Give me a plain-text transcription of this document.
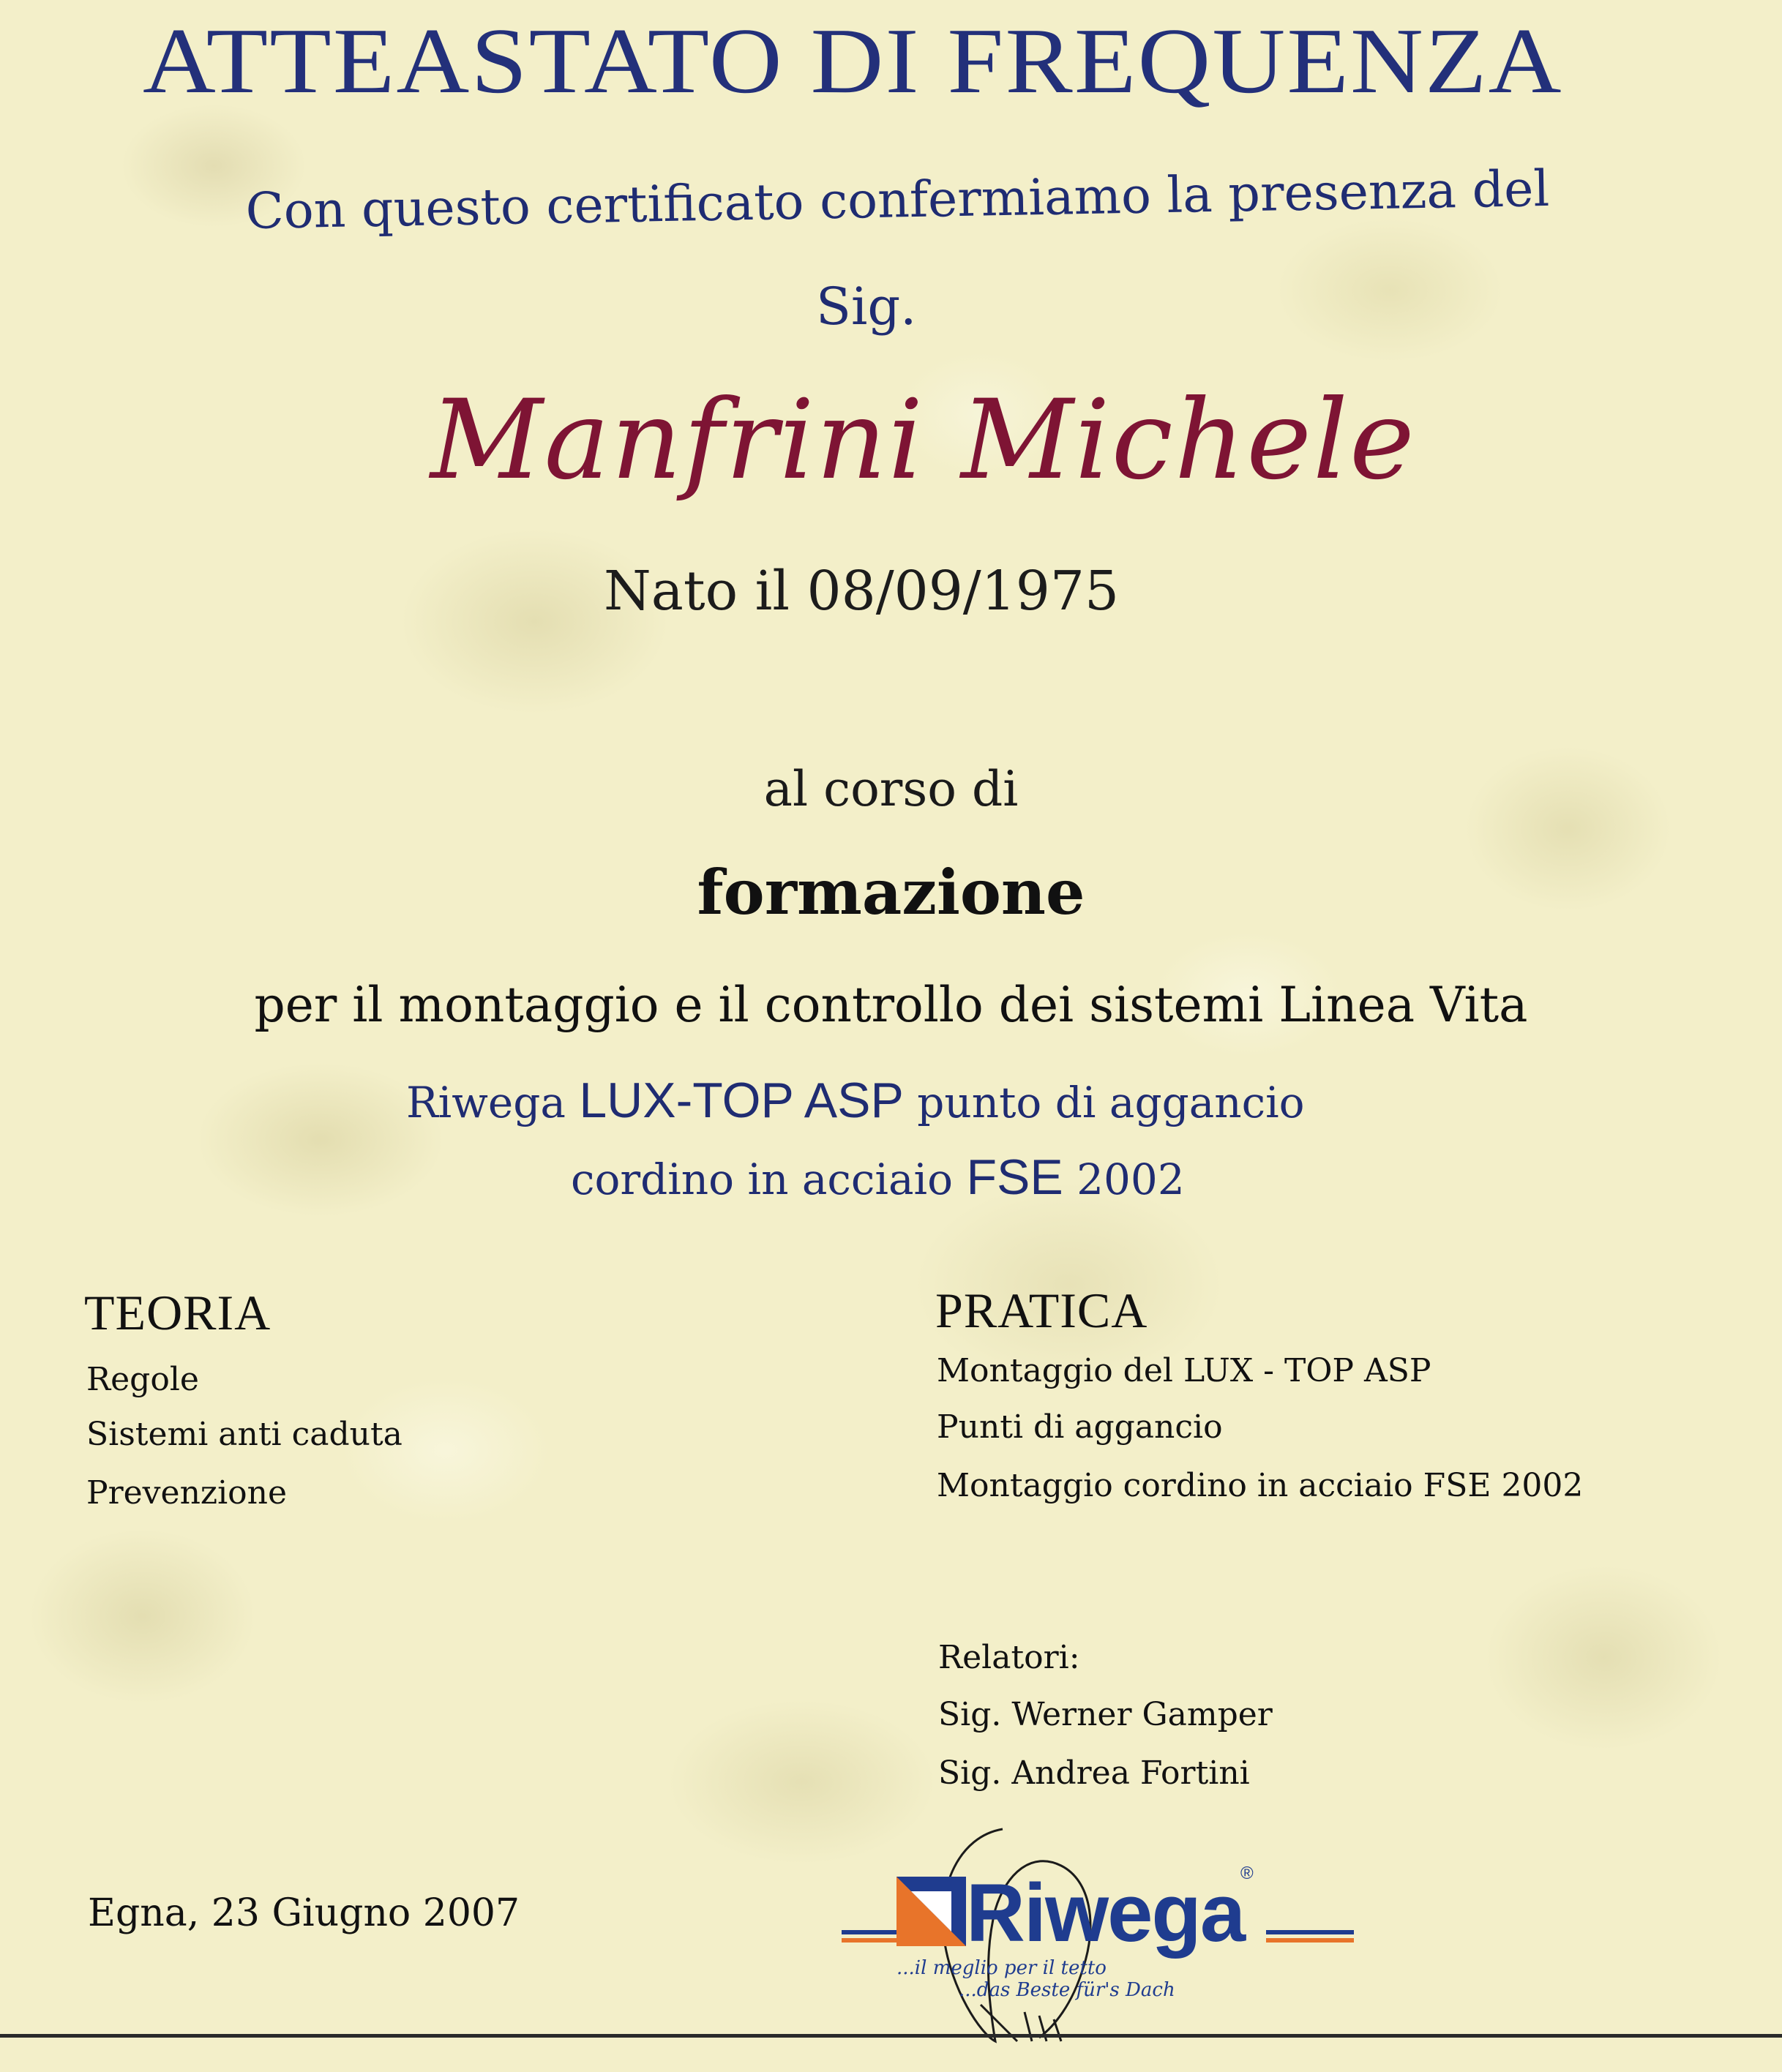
ATTEASTATO DI FREQUENZA
Con questo certificato confermiamo la presenza del
Sig.
Manfrini Michele
Nato il 08/09/1975
al corso di
formazione
per il montaggio e il controllo dei sistemi Linea Vita
Riwega LUX-TOP ASP punto di aggancio
cordino in acciaio FSE 2002
TEORIA
Regole
Sistemi anti caduta
Prevenzione
PRATICA
Montaggio del LUX - TOP ASP
Punti di aggancio
Montaggio cordino in acciaio FSE 2002
Relatori:
Sig. Werner Gamper
Sig. Andrea Fortini
Egna, 23 Giugno 2007	Riwega
®
...il meglio per il tetto
...das Beste für's Dach
